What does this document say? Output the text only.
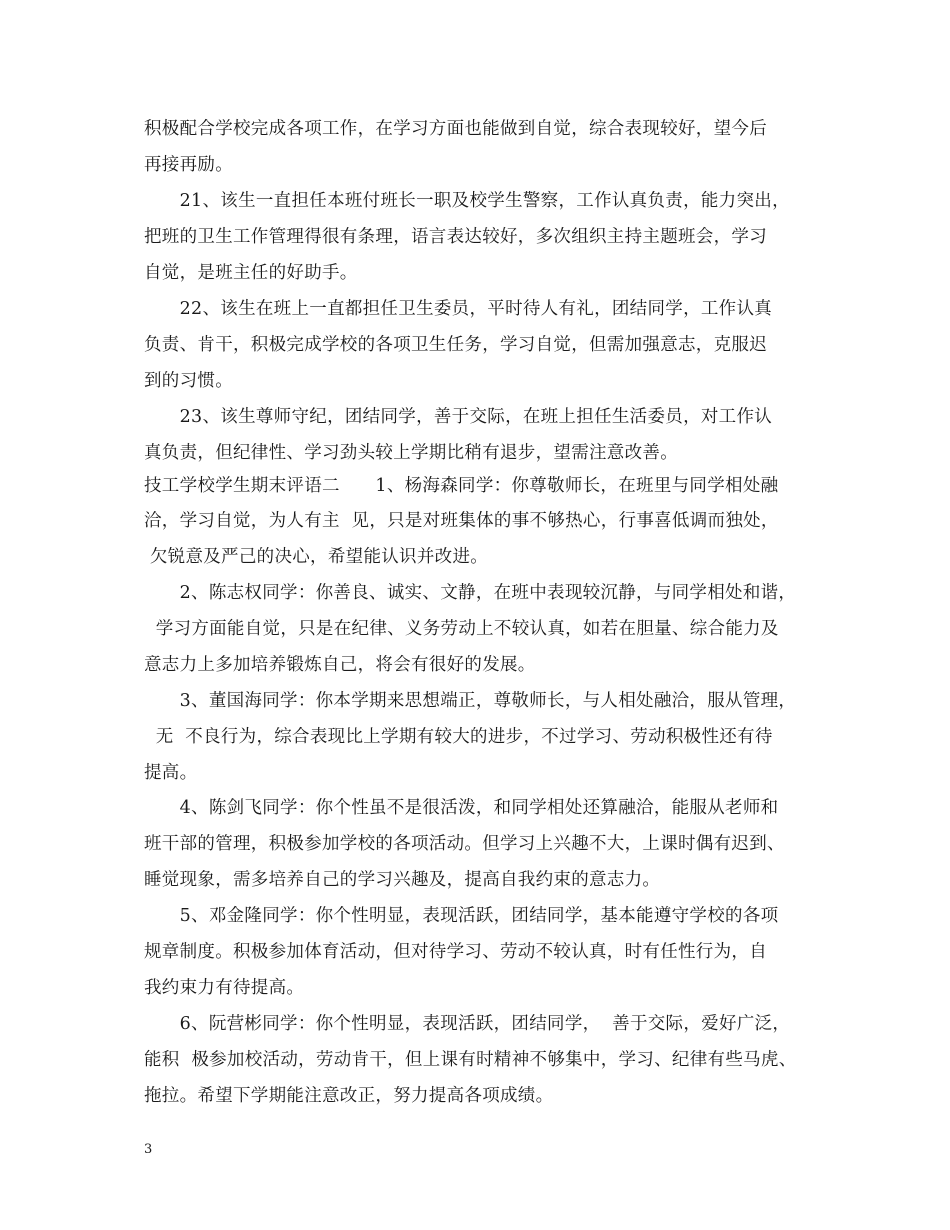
积极配合学校完成各项工作，在学习方面也能做到自觉，综合表现较好，望今后
再接再励。
　　21、该生一直担任本班付班长一职及校学生警察，工作认真负责，能力突出，
把班的卫生工作管理得很有条理，语言表达较好，多次组织主持主题班会，学习
自觉，是班主任的好助手。
　　22、该生在班上一直都担任卫生委员，平时待人有礼，团结同学，工作认真
负责、肯干，积极完成学校的各项卫生任务，学习自觉，但需加强意志，克服迟
到的习惯。
　　23、该生尊师守纪，团结同学，善于交际，在班上担任生活委员，对工作认
真负责，但纪律性、学习劲头较上学期比稍有退步，望需注意改善。
技工学校学生期末评语二　　1、杨海森同学：你尊敬师长，在班里与同学相处融
洽，学习自觉，为人有主  见，只是对班集体的事不够热心，行事喜低调而独处，
欠锐意及严己的决心，希望能认识并改进。
　　2、陈志权同学：你善良、诚实、文静，在班中表现较沉静，与同学相处和谐，
学习方面能自觉，只是在纪律、义务劳动上不较认真，如若在胆量、综合能力及
意志力上多加培养锻炼自己，将会有很好的发展。
　　3、董国海同学：你本学期来思想端正，尊敬师长，与人相处融洽，服从管理，
无  不良行为，综合表现比上学期有较大的进步，不过学习、劳动积极性还有待
提高。
　　4、陈剑飞同学：你个性虽不是很活泼，和同学相处还算融洽，能服从老师和
班干部的管理，积极参加学校的各项活动。但学习上兴趣不大，上课时偶有迟到、
睡觉现象，需多培养自己的学习兴趣及，提高自我约束的意志力。
　　5、邓金隆同学：你个性明显，表现活跃，团结同学，基本能遵守学校的各项
规章制度。积极参加体育活动，但对待学习、劳动不较认真，时有任性行为，自
我约束力有待提高。
　　6、阮营彬同学：你个性明显，表现活跃，团结同学，  善于交际，爱好广泛，
能积  极参加校活动，劳动肯干，但上课有时精神不够集中，学习、纪律有些马虎、
拖拉。希望下学期能注意改正，努力提高各项成绩。
3
